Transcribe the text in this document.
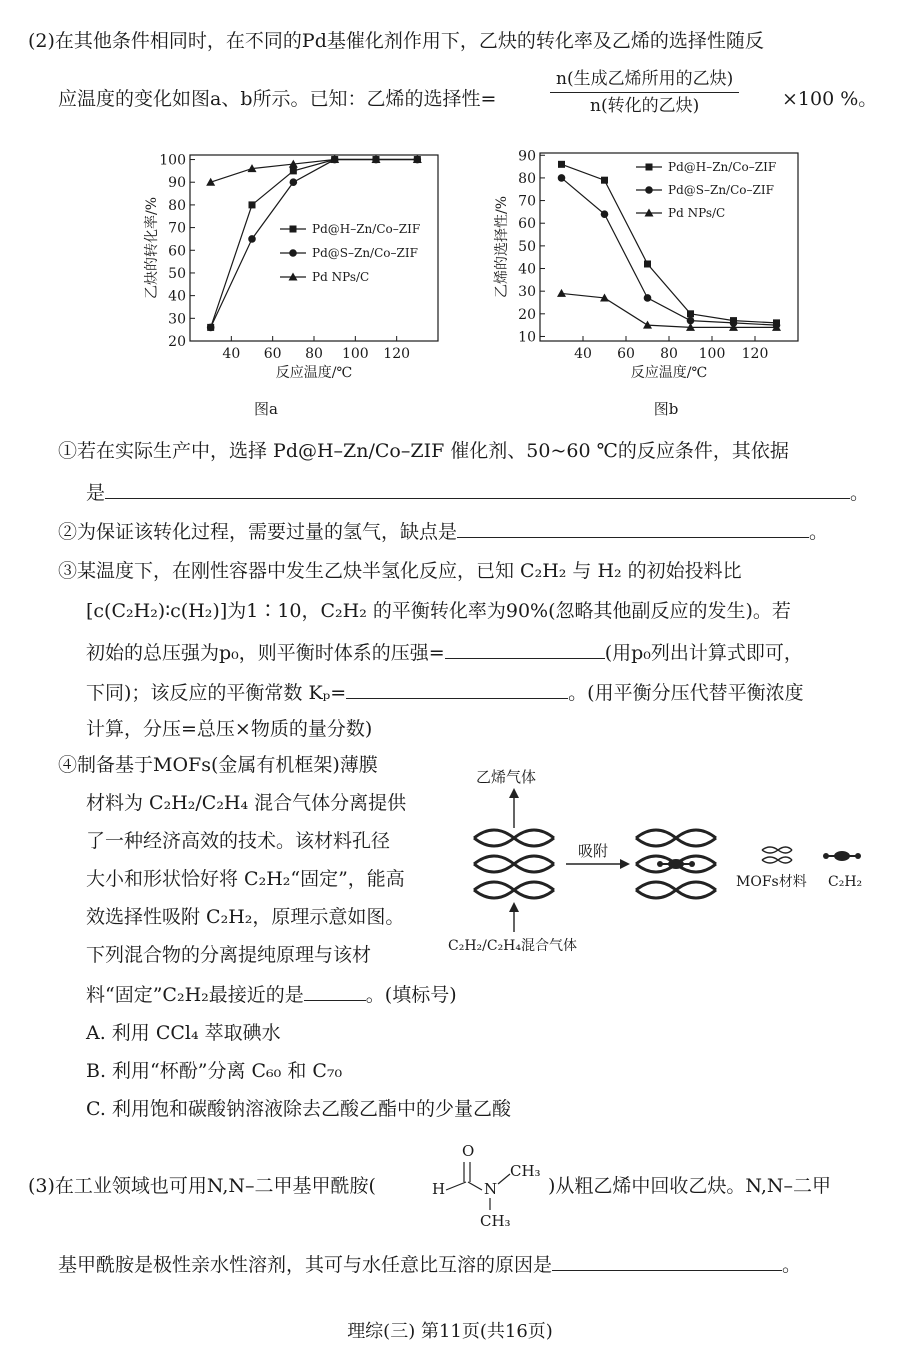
(2)在其他条件相同时，在不同的Pd基催化剂作用下，乙炔的转化率及乙烯的选择性随反
应温度的变化如图a、b所示。已知：乙烯的选择性=	$\frac{\text{n(生成乙烯所用的乙炔)}}{\text{n(转化的乙炔)}} \times 100$ %。
40 60 80 100 120
20
30
40
50
60
70
80
90
100
反应温度/℃
乙炔的转化率/%	Pd@H–Zn/Co–ZIF
Pd@S–Zn/Co–ZIF
Pd NPs/C
图a
40 60 80 100 120
10
20
30
40
50
60
70
80
90
反应温度/℃
乙烯的选择性/%
Pd@H–Zn/Co–ZIF
Pd@S–Zn/Co–ZIF
Pd NPs/C
图b
①若在实际生产中，选择 Pd@H–Zn/Co–ZIF 催化剂、50~60 ℃的反应条件，其依据
是	。
②为保证该转化过程，需要过量的氢气，缺点是	。
③某温度下，在刚性容器中发生乙炔半氢化反应，已知 C₂H₂ 与 H₂ 的初始投料比
[c(C₂H₂)∶c(H₂)]为1∶10，C₂H₂ 的平衡转化率为90%(忽略其他副反应的发生)。若
初始的总压强为p₀，则平衡时体系的压强=	(用p₀列出计算式即可，
下同)；该反应的平衡常数 Kₚ=	。(用平衡分压代替平衡浓度
计算，分压=总压×物质的量分数)
④制备基于MOFs(金属有机框架)薄膜
材料为 C₂H₂/C₂H₄ 混合气体分离提供
了一种经济高效的技术。该材料孔径
大小和形状恰好将 C₂H₂“固定”，能高
效选择性吸附 C₂H₂，原理示意如图。
下列混合物的分离提纯原理与该材
料“固定”C₂H₂最接近的是	。(填标号)
A. 利用 CCl₄ 萃取碘水
B. 利用“杯酚”分离 C₆₀ 和 C₇₀
C. 利用饱和碳酸钠溶液除去乙酸乙酯中的少量乙酸
乙烯气体
C₂H₂/C₂H₄混合气体
吸附
MOFs材料 C₂H₂
(3)在工业领域也可用N,N–二甲基甲酰胺(
O
H	N
CH₃
CH₃
)从粗乙烯中回收乙炔。N,N–二甲
基甲酰胺是极性亲水性溶剂，其可与水任意比互溶的原因是	。
理综(三) 第11页(共16页)
